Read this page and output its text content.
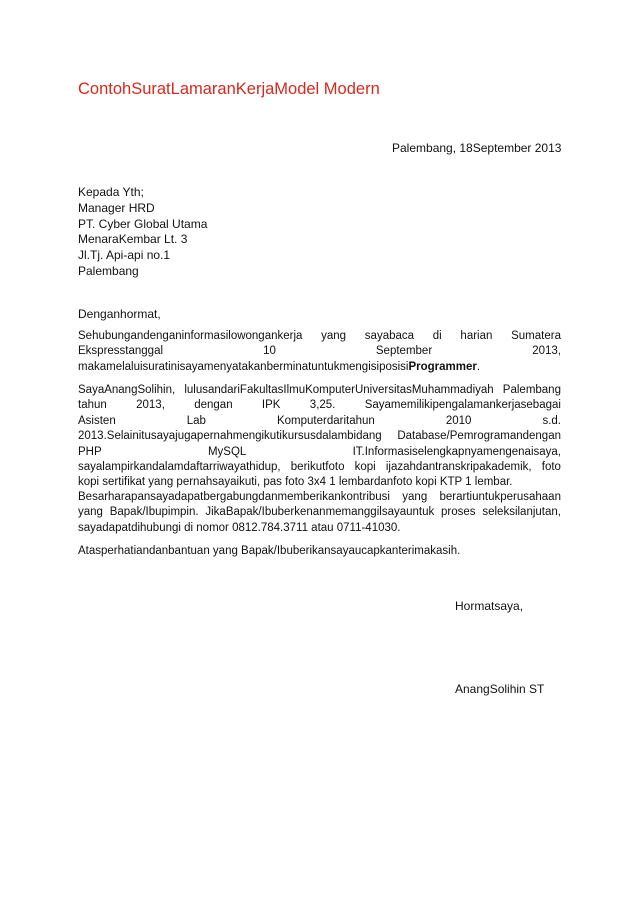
ContohSuratLamaranKerjaModel Modern
Palembang, 18September 2013
Kepada Yth;
Manager HRD
PT. Cyber Global Utama
MenaraKembar Lt. 3
Jl.Tj. Api-api no.1
Palembang
Denganhormat,
Sehubungandenganinformasilowongankerja yang sayabaca di harian Sumatera
Ekspresstanggal	10	September	2013,
makamelaluisuratinisayamenyatakanberminatuntukmengisiposisiProgrammer.
SayaAnangSolihin, lulusandariFakultasIlmuKomputerUniversitasMuhammadiyah Palembang
tahun	2013,	dengan	IPK	3,25.	Sayamemilikipengalamankerjasebagai
Asisten	Lab	Komputerdaritahun	2010	s.d.
2013.Selainitusayajugapernahmengikutikursusdalambidang Database/Pemrogramandengan
PHP	MySQL	IT.Informasiselengkapnyamengenaisaya,
sayalampirkandalamdaftarriwayathidup, berikutfoto kopi ijazahdantranskripakademik, foto
kopi sertifikat yang pernahsayaikuti, pas foto 3x4 1 lembardanfoto kopi KTP 1 lembar.
Besarharapansayadapatbergabungdanmemberikankontribusi yang berartiuntukperusahaan
yang Bapak/Ibupimpin. JikaBapak/Ibuberkenanmemanggilsayauntuk proses seleksilanjutan,
sayadapatdihubungi di nomor 0812.784.3711 atau 0711-41030.
Atasperhatiandanbantuan yang Bapak/Ibuberikansayaucapkanterimakasih.
Hormatsaya,
AnangSolihin ST
